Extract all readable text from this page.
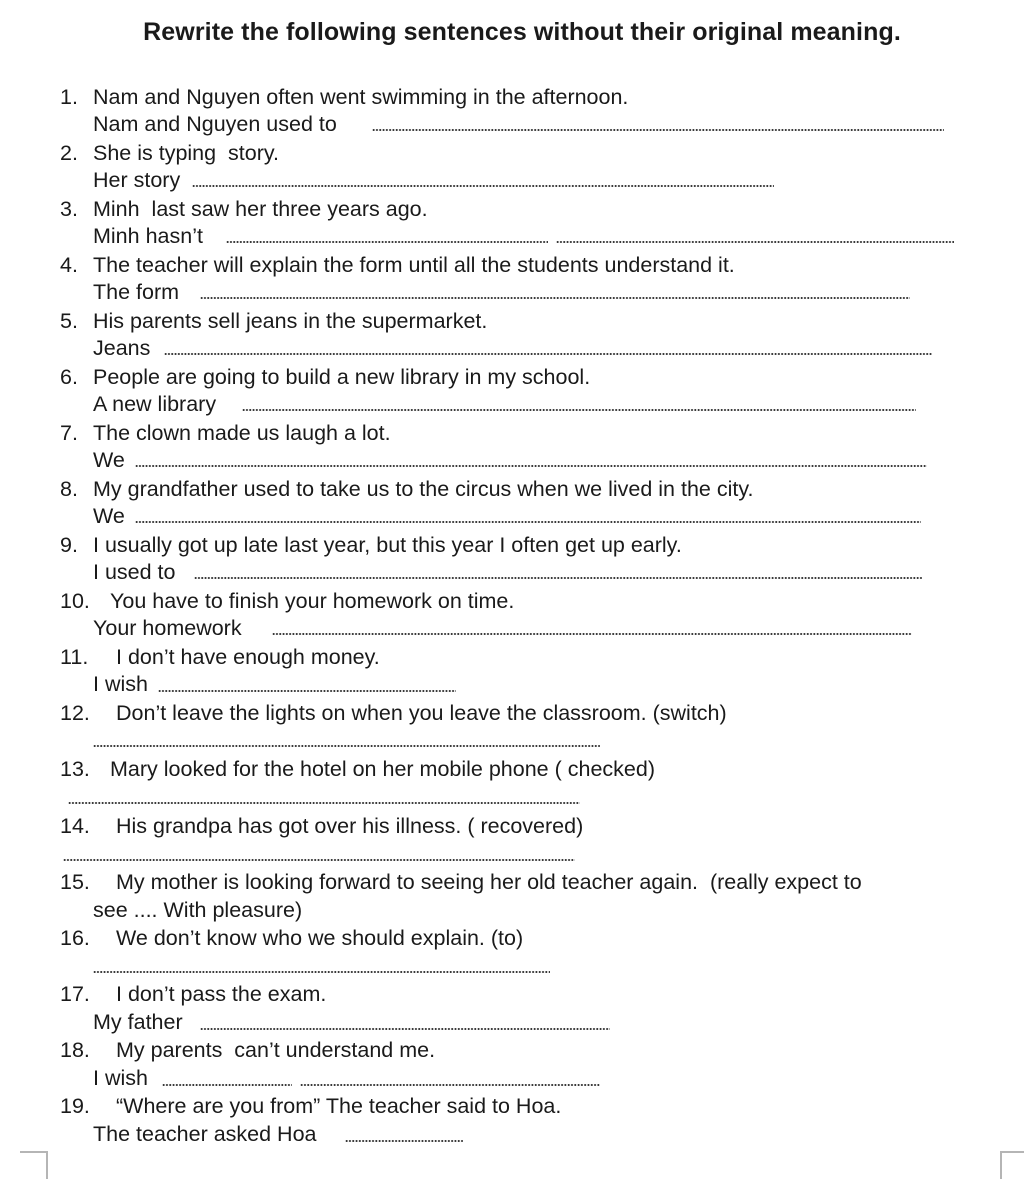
Rewrite the following sentences without their original meaning.
1. Nam and Nguyen often went swimming in the afternoon.
Nam and Nguyen used to
2. She is typing  story.
Her story
3. Minh  last saw her three years ago.
Minh hasn’t
4. The teacher will explain the form until all the students understand it.
The form
5. His parents sell jeans in the supermarket.
Jeans
6. People are going to build a new library in my school.
A new library
7. The clown made us laugh a lot.
We
8. My grandfather used to take us to the circus when we lived in the city.
We
9. I usually got up late last year, but this year I often get up early.
I used to
10. You have to finish your homework on time.
Your homework
11. I don’t have enough money.
I wish
12. Don’t leave the lights on when you leave the classroom. (switch)
13. Mary looked for the hotel on her mobile phone ( checked)
14. His grandpa has got over his illness. ( recovered)
15. My mother is looking forward to seeing her old teacher again.  (really expect to
see .... With pleasure)
16. We don’t know who we should explain. (to)
17. I don’t pass the exam.
My father
18. My parents  can’t understand me.
I wish
19. “Where are you from” The teacher said to Hoa.
The teacher asked Hoa
